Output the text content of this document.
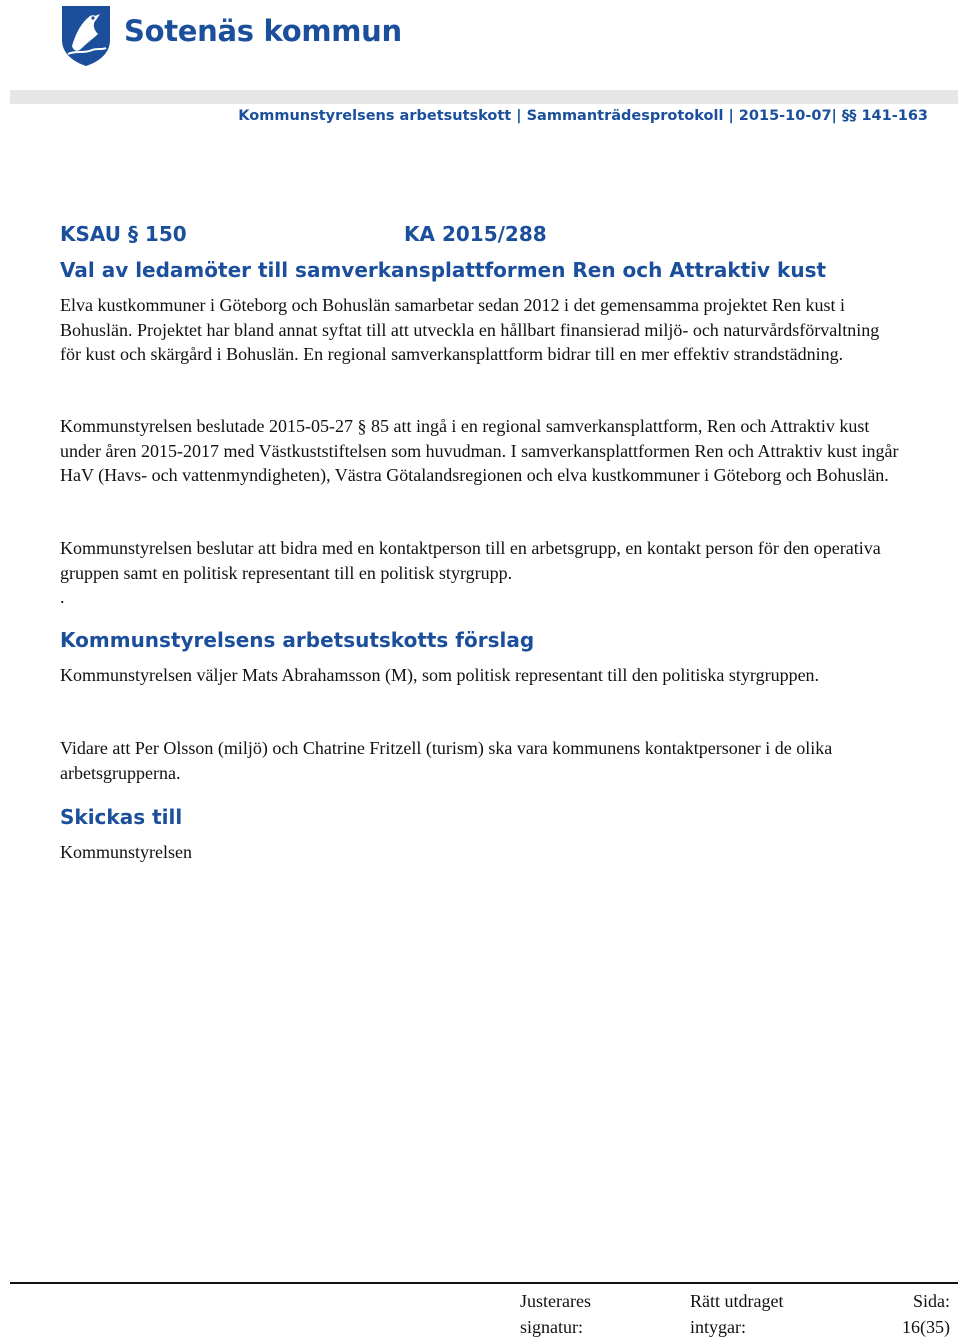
Sotenäs kommun
Kommunstyrelsens arbetsutskott | Sammanträdesprotokoll | 2015-10-07| §§ 141-163
KSAU § 150	KA 2015/288
Val av ledamöter till samverkansplattformen Ren och Attraktiv kust

Elva kustkommuner i Göteborg och Bohuslän samarbetar sedan 2012 i det gemensamma projektet Ren kust i Bohuslän. Projektet har bland annat syftat till att utveckla en hållbart finansierad miljö- och naturvårdsförvaltning för kust och skärgård i Bohuslän. En regional samverkansplattform bidrar till en mer effektiv strandstädning.

Kommunstyrelsen beslutade 2015-05-27 § 85 att ingå i en regional samverkansplattform, Ren och Attraktiv kust under åren 2015-2017 med Västkuststiftelsen som huvudman. I samverkansplattformen Ren och Attraktiv kust ingår HaV (Havs- och vattenmyndigheten), Västra Götalandsregionen och elva kustkommuner i Göteborg och Bohuslän.

Kommunstyrelsen beslutar att bidra med en kontaktperson till en arbetsgrupp, en kontakt person för den operativa gruppen samt en politisk representant till en politisk styrgrupp.

.

Kommunstyrelsens arbetsutskotts förslag

Kommunstyrelsen väljer Mats Abrahamsson (M), som politisk representant till den politiska styrgruppen.

Vidare att Per Olsson (miljö) och Chatrine Fritzell (turism) ska vara kommunens kontaktpersoner i de olika arbetsgrupperna.

Skickas till

Kommunstyrelsen

Justerares
signatur:
Rätt utdraget
intygar:
Sida:
16(35)
